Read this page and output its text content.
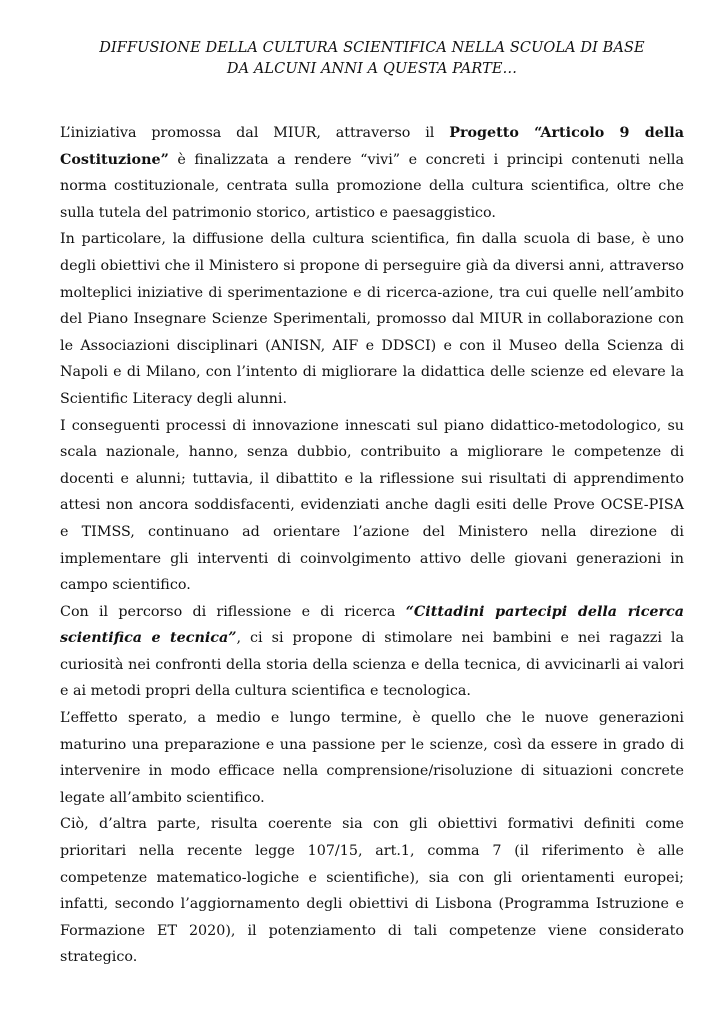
DIFFUSIONE DELLA CULTURA SCIENTIFICA NELLA SCUOLA DI BASE
DA ALCUNI ANNI A QUESTA PARTE…

L’iniziativa promossa dal MIUR, attraverso il Progetto “Articolo 9 della Costituzione” è finalizzata a rendere “vivi” e concreti i principi contenuti nella norma costituzionale, centrata sulla promozione della cultura scientifica, oltre che sulla tutela del patrimonio storico, artistico e paesaggistico.

In particolare, la diffusione della cultura scientifica, fin dalla scuola di base, è uno degli obiettivi che il Ministero si propone di perseguire già da diversi anni, attraverso molteplici iniziative di sperimentazione e di ricerca-azione, tra cui quelle nell’ambito del Piano Insegnare Scienze Sperimentali, promosso dal MIUR in collaborazione con le Associazioni disciplinari (ANISN, AIF e DDSCI) e con il Museo della Scienza di Napoli e di Milano, con l’intento di migliorare la didattica delle scienze ed elevare la Scientific Literacy degli alunni.

I conseguenti processi di innovazione innescati sul piano didattico-metodologico, su scala nazionale, hanno, senza dubbio, contribuito a migliorare le competenze di docenti e alunni; tuttavia, il dibattito e la riflessione sui risultati di apprendimento attesi non ancora soddisfacenti, evidenziati anche dagli esiti delle Prove OCSE-PISA e TIMSS, continuano ad orientare l’azione del Ministero nella direzione di implementare gli interventi di coinvolgimento attivo delle giovani generazioni in campo scientifico.

Con il percorso di riflessione e di ricerca “Cittadini partecipi della ricerca scientifica e tecnica”, ci si propone di stimolare nei bambini e nei ragazzi la curiosità nei confronti della storia della scienza e della tecnica, di avvicinarli ai valori e ai metodi propri della cultura scientifica e tecnologica.

L’effetto sperato, a medio e lungo termine, è quello che le nuove generazioni maturino una preparazione e una passione per le scienze, così da essere in grado di intervenire in modo efficace nella comprensione/risoluzione di situazioni concrete legate all’ambito scientifico.

Ciò, d’altra parte, risulta coerente sia con gli obiettivi formativi definiti come prioritari nella recente legge 107/15, art.1, comma 7 (il riferimento è alle competenze matematico-logiche e scientifiche), sia con gli orientamenti europei; infatti, secondo l’aggiornamento degli obiettivi di Lisbona (Programma Istruzione e Formazione ET 2020), il potenziamento di tali competenze viene considerato strategico.
